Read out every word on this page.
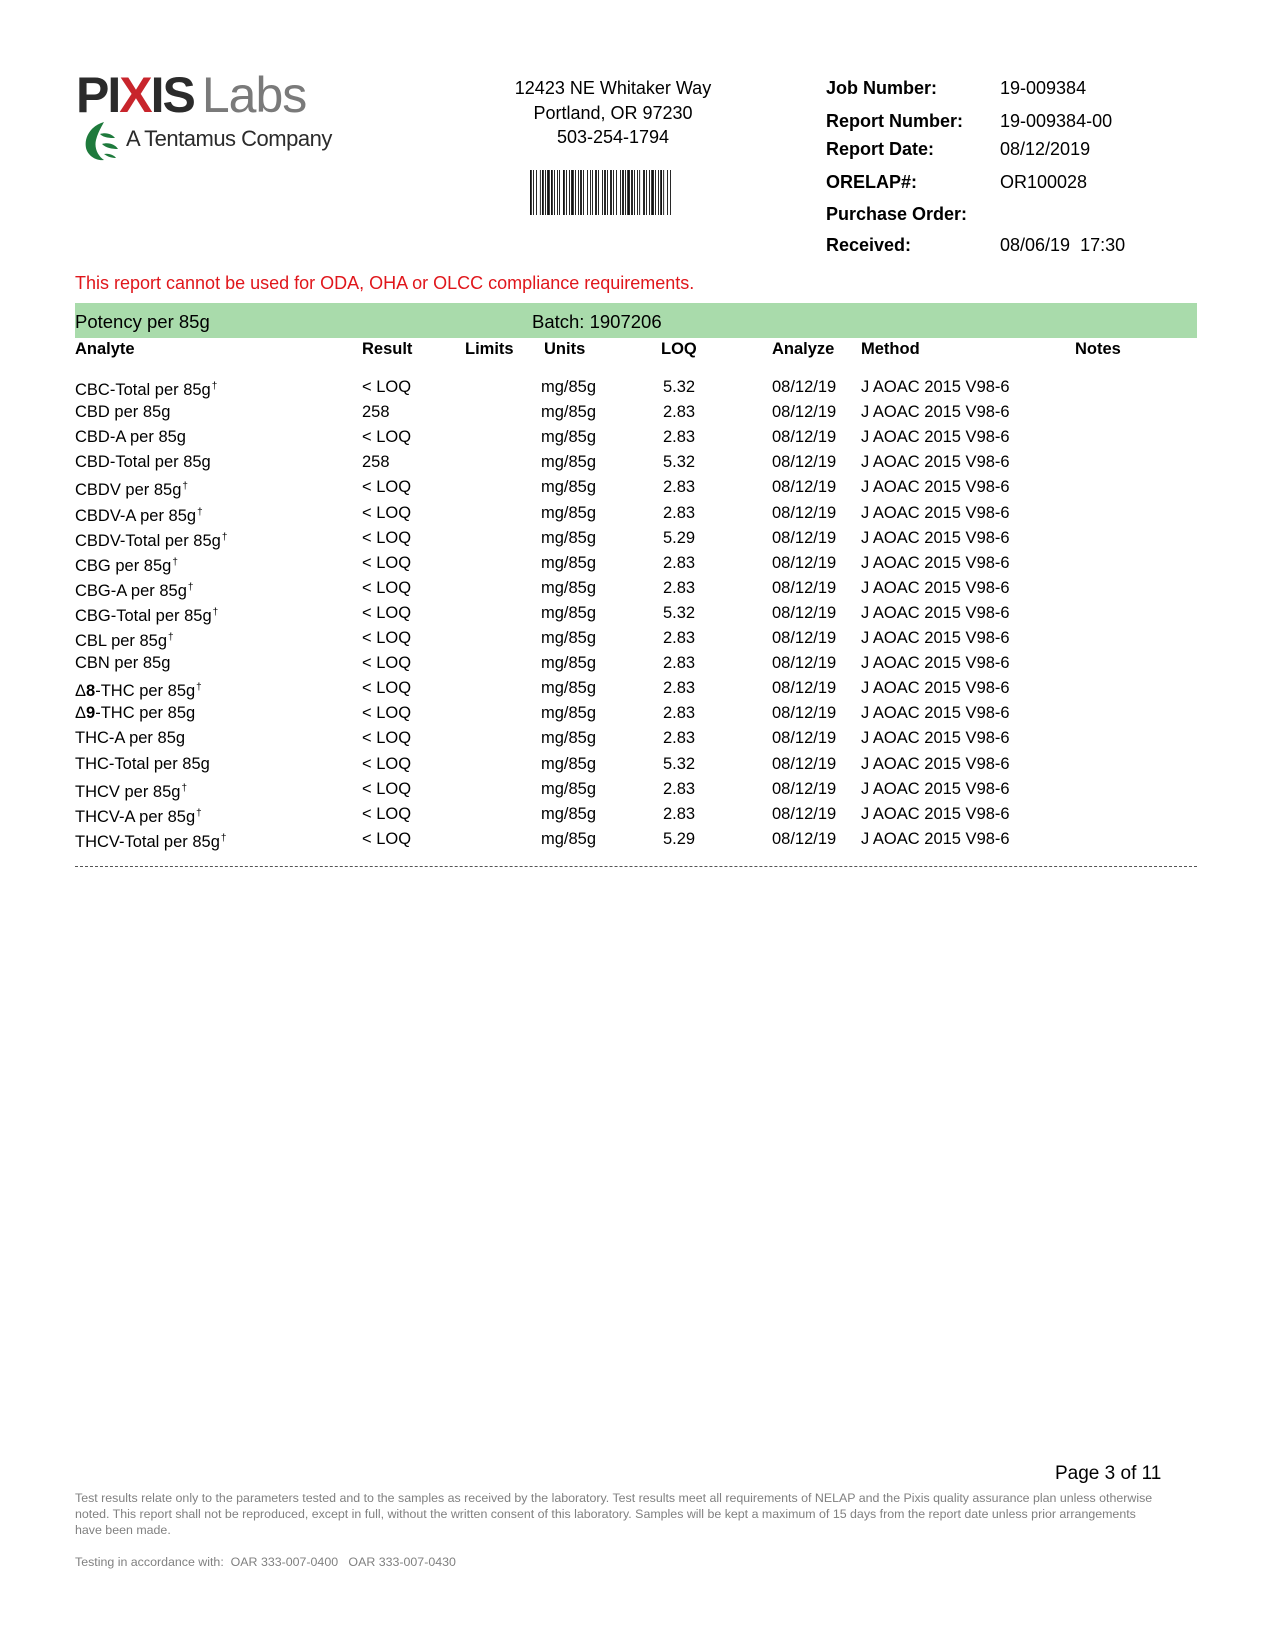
PIXIS Labs
A Tentamus Company
12423 NE Whitaker Way
Portland, OR 97230
503-254-1794
Job Number:	19-009384
Report Number: 19-009384-00
Report Date:	08/12/2019
ORELAP#:	OR100028
Purchase Order:
Received:	08/06/19  17:30
This report cannot be used for ODA, OHA or OLCC compliance requirements.
Potency per 85g	Batch: 1907206
Analyte	Result	Limits Units	LOQ	Analyze Method	Notes
CBC-Total per 85g†	< LOQ	mg/85g	5.32	08/12/19 J AOAC 2015 V98-6
CBD per 85g	258	mg/85g	2.83	08/12/19 J AOAC 2015 V98-6
CBD-A per 85g	< LOQ	mg/85g	2.83	08/12/19 J AOAC 2015 V98-6
CBD-Total per 85g	258	mg/85g	5.32	08/12/19 J AOAC 2015 V98-6
CBDV per 85g†	< LOQ	mg/85g	2.83	08/12/19 J AOAC 2015 V98-6
CBDV-A per 85g†	< LOQ	mg/85g	2.83	08/12/19 J AOAC 2015 V98-6
CBDV-Total per 85g†	< LOQ	mg/85g	5.29	08/12/19 J AOAC 2015 V98-6
CBG per 85g†	< LOQ	mg/85g	2.83	08/12/19 J AOAC 2015 V98-6
CBG-A per 85g†	< LOQ	mg/85g	2.83	08/12/19 J AOAC 2015 V98-6
CBG-Total per 85g†	< LOQ	mg/85g	5.32	08/12/19 J AOAC 2015 V98-6
CBL per 85g†	< LOQ	mg/85g	2.83	08/12/19 J AOAC 2015 V98-6
CBN per 85g	< LOQ	mg/85g	2.83	08/12/19 J AOAC 2015 V98-6
Δ8-THC per 85g†	< LOQ	mg/85g	2.83	08/12/19 J AOAC 2015 V98-6
Δ9-THC per 85g	< LOQ	mg/85g	2.83	08/12/19 J AOAC 2015 V98-6
THC-A per 85g	< LOQ	mg/85g	2.83	08/12/19 J AOAC 2015 V98-6
THC-Total per 85g	< LOQ	mg/85g	5.32	08/12/19 J AOAC 2015 V98-6
THCV per 85g†	< LOQ	mg/85g	2.83	08/12/19 J AOAC 2015 V98-6
THCV-A per 85g†	< LOQ	mg/85g	2.83	08/12/19 J AOAC 2015 V98-6
THCV-Total per 85g†	< LOQ	mg/85g	5.29	08/12/19 J AOAC 2015 V98-6
Page 3 of 11
Test results relate only to the parameters tested and to the samples as received by the laboratory. Test results meet all requirements of NELAP and the Pixis quality assurance plan unless otherwise noted. This report shall not be reproduced, except in full, without the written consent of this laboratory. Samples will be kept a maximum of 15 days from the report date unless prior arrangements have been made.
Testing in accordance with:  OAR 333-007-0400   OAR 333-007-0430
